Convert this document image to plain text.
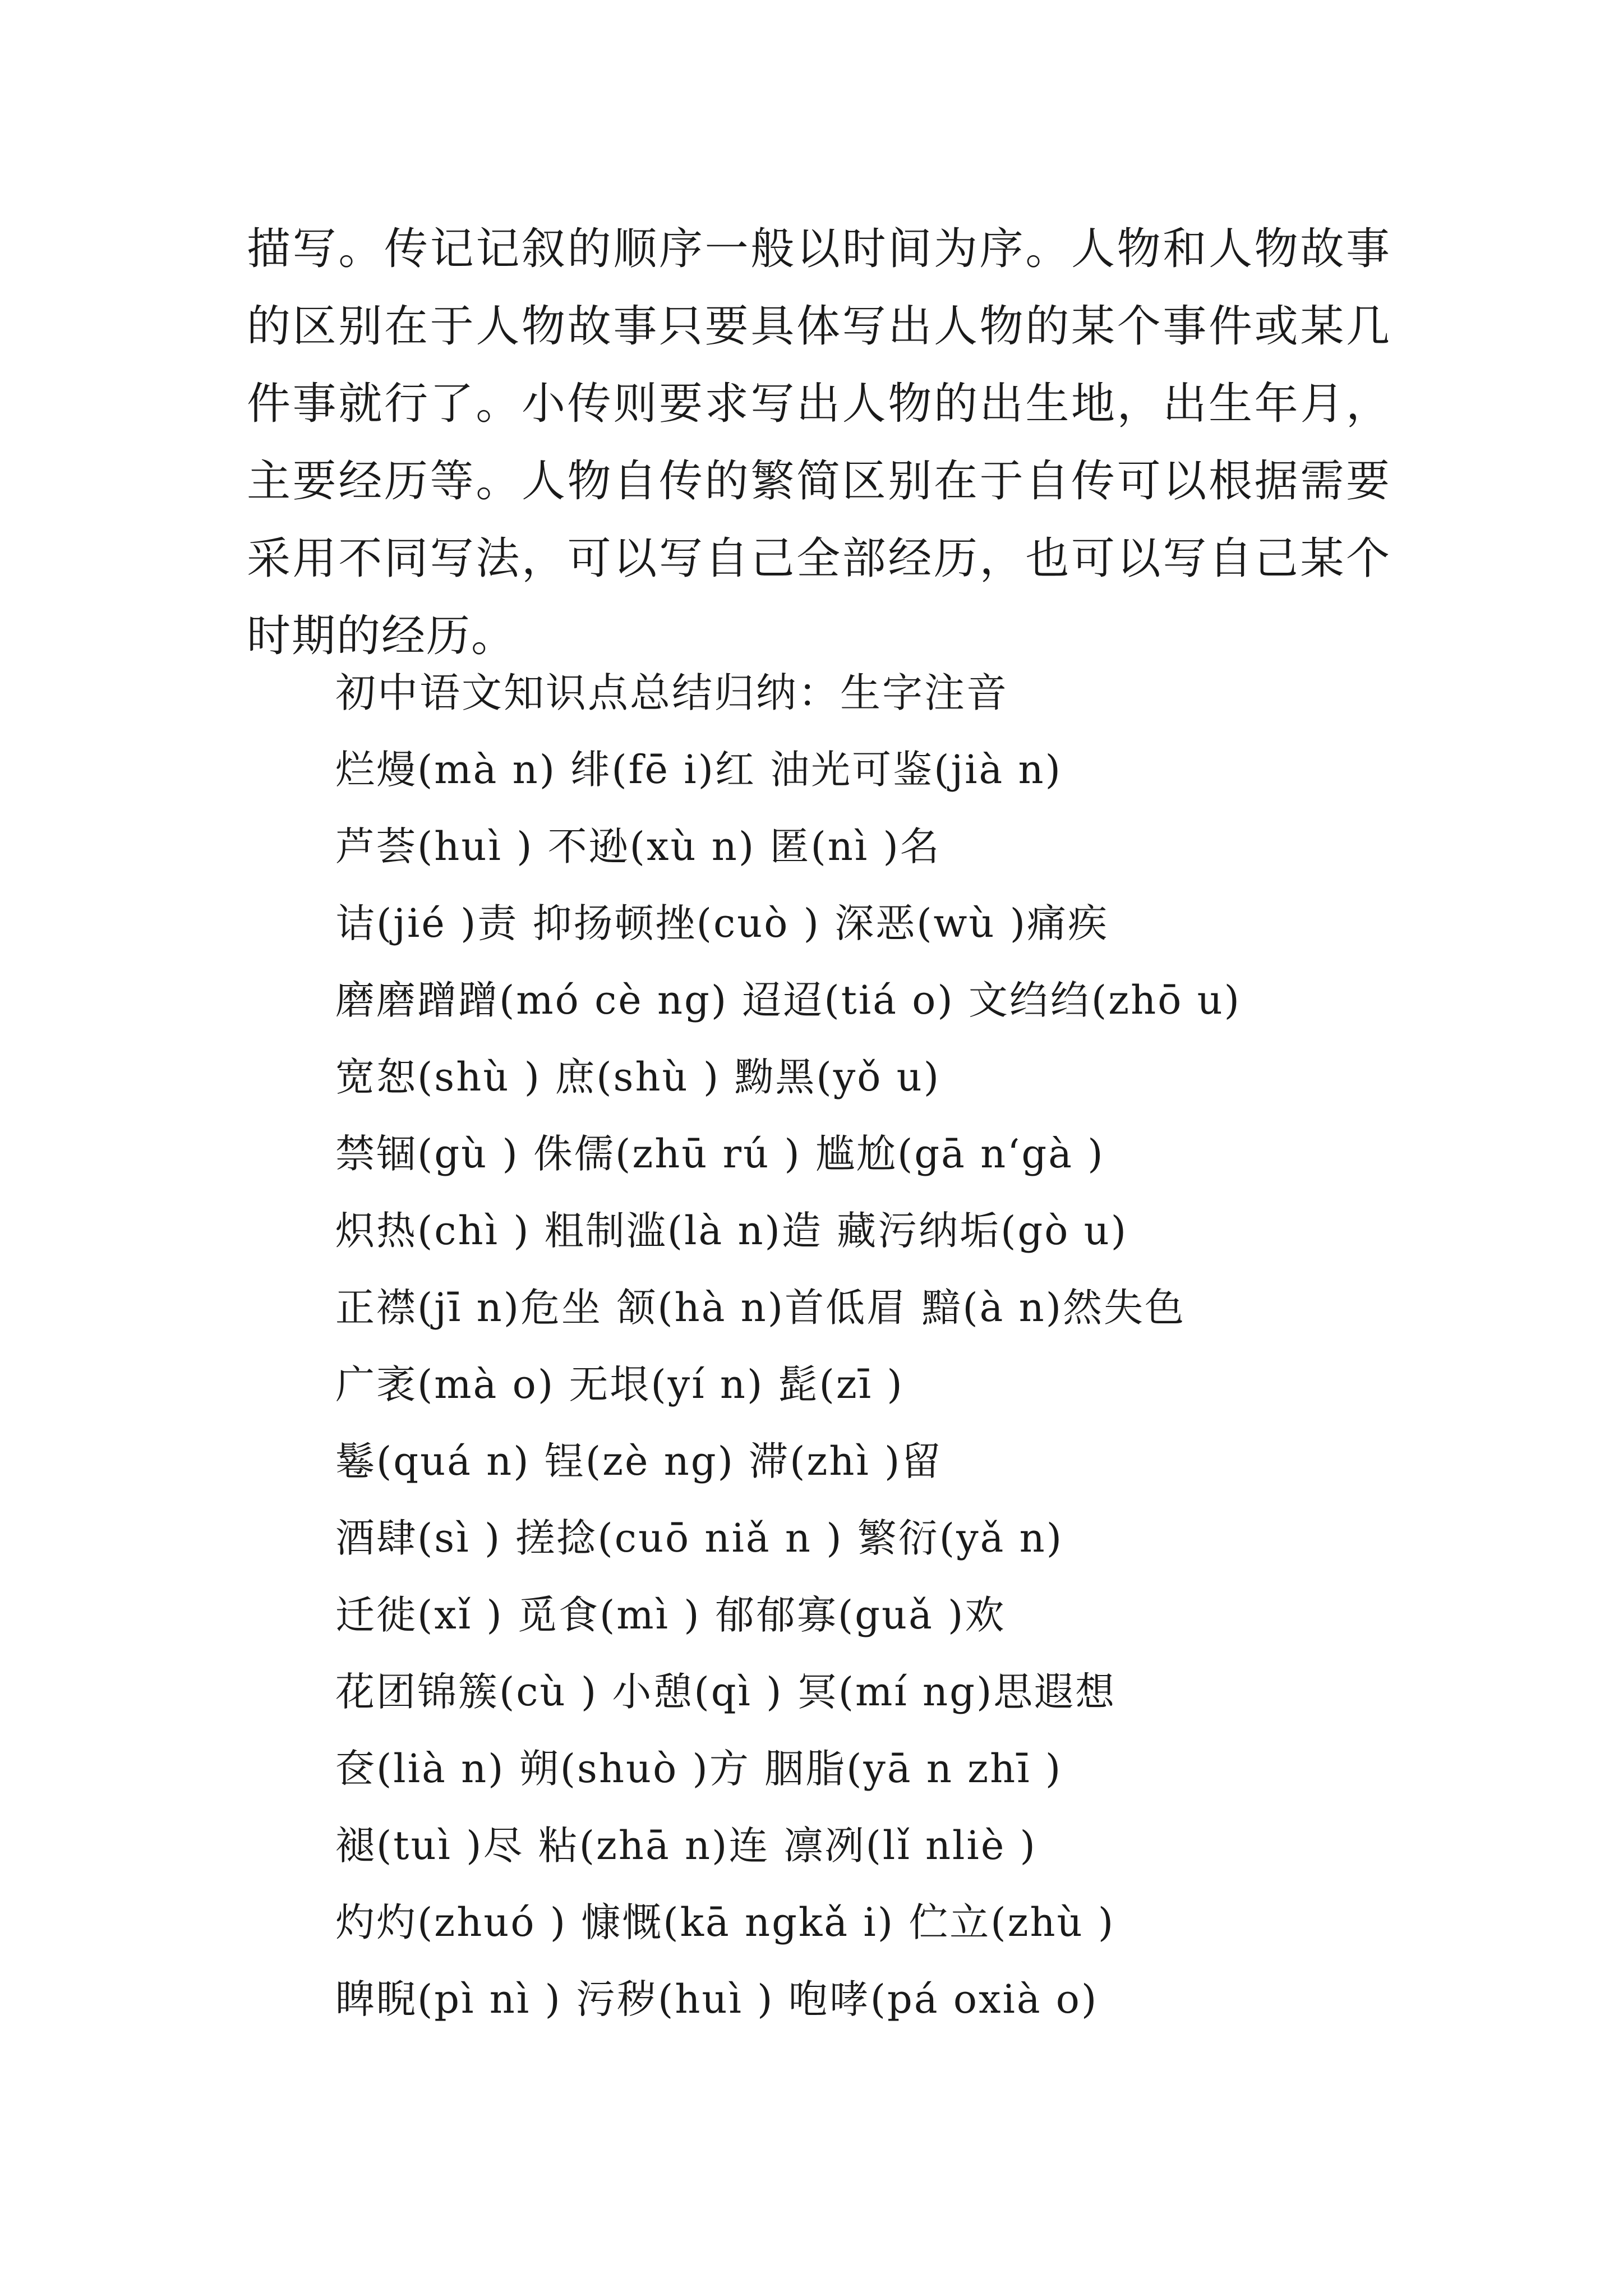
描写。传记记叙的顺序一般以时间为序。人物和人物故事的区别在于人物故事只要具体写出人物的某个事件或某几件事就行了。小传则要求写出人物的出生地，出生年月，主要经历等。人物自传的繁简区别在于自传可以根据需要采用不同写法，可以写自己全部经历，也可以写自己某个时期的经历。

初中语文知识点总结归纳：生字注音
烂熳(mà n) 绯(fē i)红 油光可鉴(jià n)
芦荟(huì ) 不逊(xù n) 匿(nì )名
诘(jié )责 抑扬顿挫(cuò ) 深恶(wù )痛疾
磨磨蹭蹭(mó cè ng) 迢迢(tiá o) 文绉绉(zhō u)
宽恕(shù ) 庶(shù ) 黝黑(yǒ u)
禁锢(gù ) 侏儒(zhū rú ) 尴尬(gā n‘gà )
炽热(chì ) 粗制滥(là n)造 藏污纳垢(gò u)
正襟(jī n)危坐 颔(hà n)首低眉 黯(à n)然失色
广袤(mà o) 无垠(yí n) 髭(zī )
鬈(quá n) 锃(zè ng) 滞(zhì )留
酒肆(sì ) 搓捻(cuō niǎ n ) 繁衍(yǎ n)
迁徙(xǐ ) 觅食(mì ) 郁郁寡(guǎ )欢
花团锦簇(cù ) 小憩(qì ) 冥(mí ng)思遐想
奁(lià n) 朔(shuò )方 胭脂(yā n zhī )
褪(tuì )尽 粘(zhā n)连 凛冽(lǐ nliè )
灼灼(zhuó ) 慷慨(kā ngkǎ i) 伫立(zhù )
睥睨(pì nì ) 污秽(huì ) 咆哮(pá oxià o)
